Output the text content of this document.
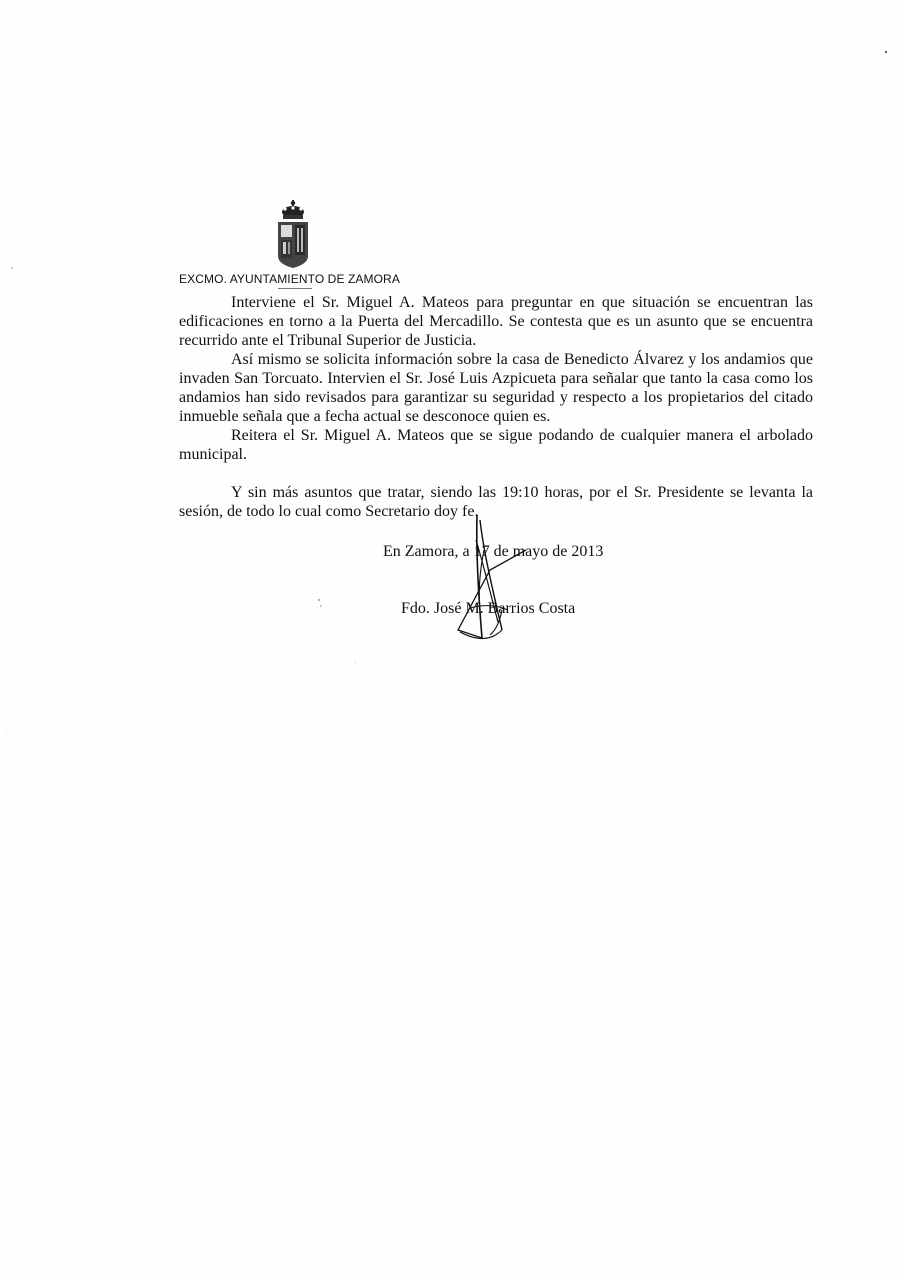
EXCMO. AYUNTAMIENTO DE ZAMORA

Interviene el Sr. Miguel A. Mateos para preguntar en que situación se encuentran las edificaciones en torno a la Puerta del Mercadillo. Se contesta que es un asunto que se encuentra recurrido ante el Tribunal Superior de Justicia.

Así mismo se solicita información sobre la casa de Benedicto Álvarez y los andamios que invaden San Torcuato. Intervien el Sr. José Luis Azpicueta para señalar que tanto la casa como los andamios han sido revisados para garantizar su seguridad y respecto a los propietarios del citado inmueble señala que a fecha actual se desconoce quien es.

Reitera el Sr. Miguel A. Mateos que se sigue podando de cualquier manera el arbolado municipal.

Y sin más asuntos que tratar, siendo las 19:10 horas, por el Sr. Presidente se levanta la sesión, de todo lo cual como Secretario doy fe.

En Zamora, a 17 de mayo de 2013
Fdo. José M. Barrios Costa
